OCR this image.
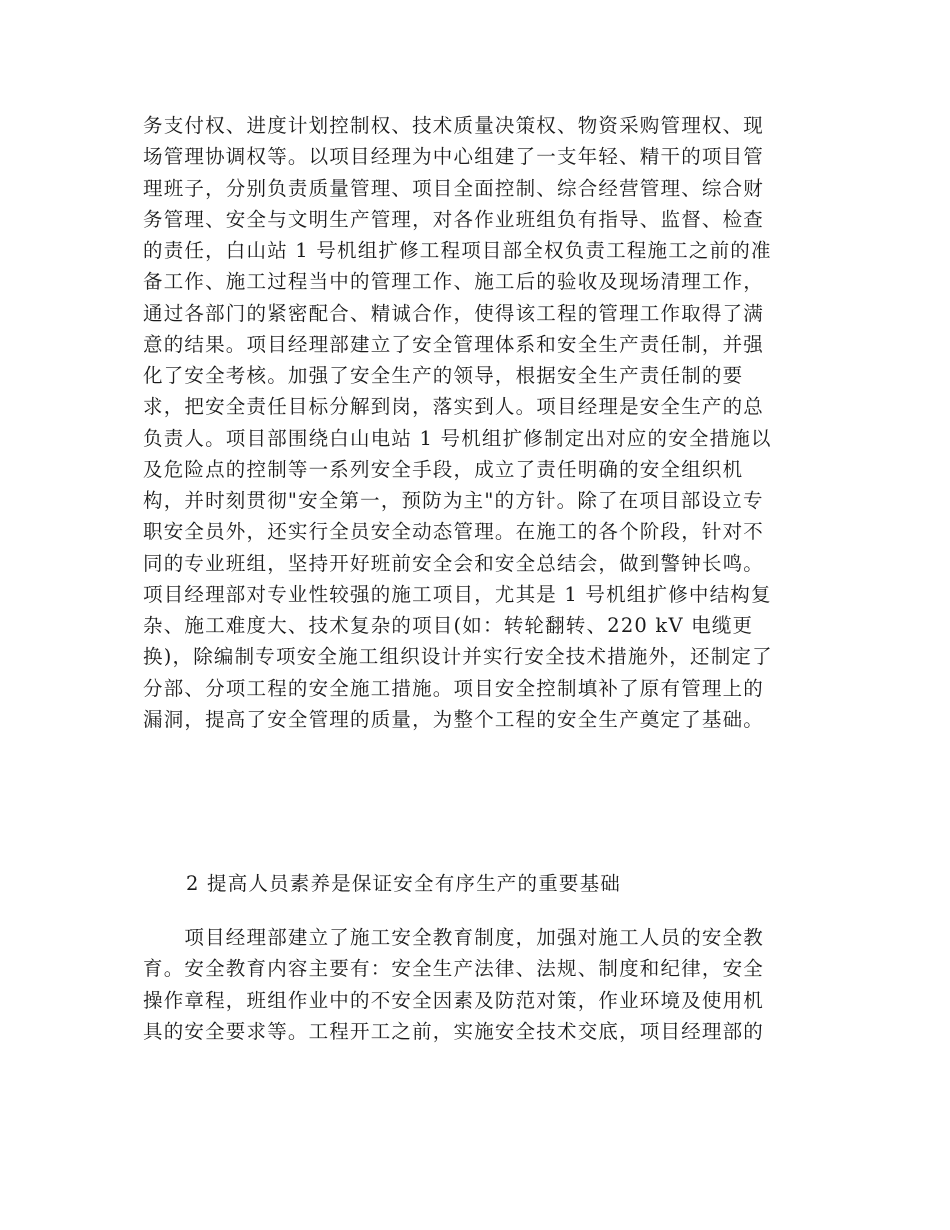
务支付权、进度计划控制权、技术质量决策权、物资采购管理权、现
场管理协调权等。以项目经理为中心组建了一支年轻、精干的项目管
理班子，分别负责质量管理、项目全面控制、综合经营管理、综合财
务管理、安全与文明生产管理，对各作业班组负有指导、监督、检查
的责任，白山站 1 号机组扩修工程项目部全权负责工程施工之前的准
备工作、施工过程当中的管理工作、施工后的验收及现场清理工作，
通过各部门的紧密配合、精诚合作，使得该工程的管理工作取得了满
意的结果。项目经理部建立了安全管理体系和安全生产责任制，并强
化了安全考核。加强了安全生产的领导，根据安全生产责任制的要
求，把安全责任目标分解到岗，落实到人。项目经理是安全生产的总
负责人。项目部围绕白山电站 1 号机组扩修制定出对应的安全措施以
及危险点的控制等一系列安全手段，成立了责任明确的安全组织机
构，并时刻贯彻"安全第一，预防为主"的方针。除了在项目部设立专
职安全员外，还实行全员安全动态管理。在施工的各个阶段，针对不
同的专业班组，坚持开好班前安全会和安全总结会，做到警钟长鸣。
项目经理部对专业性较强的施工项目，尤其是 1 号机组扩修中结构复
杂、施工难度大、技术复杂的项目(如：转轮翻转、220 kV 电缆更
换)，除编制专项安全施工组织设计并实行安全技术措施外，还制定了
分部、分项工程的安全施工措施。项目安全控制填补了原有管理上的
漏洞，提高了安全管理的质量，为整个工程的安全生产奠定了基础。
2 提高人员素养是保证安全有序生产的重要基础
　　项目经理部建立了施工安全教育制度，加强对施工人员的安全教
育。安全教育内容主要有：安全生产法律、法规、制度和纪律，安全
操作章程，班组作业中的不安全因素及防范对策，作业环境及使用机
具的安全要求等。工程开工之前，实施安全技术交底，项目经理部的
